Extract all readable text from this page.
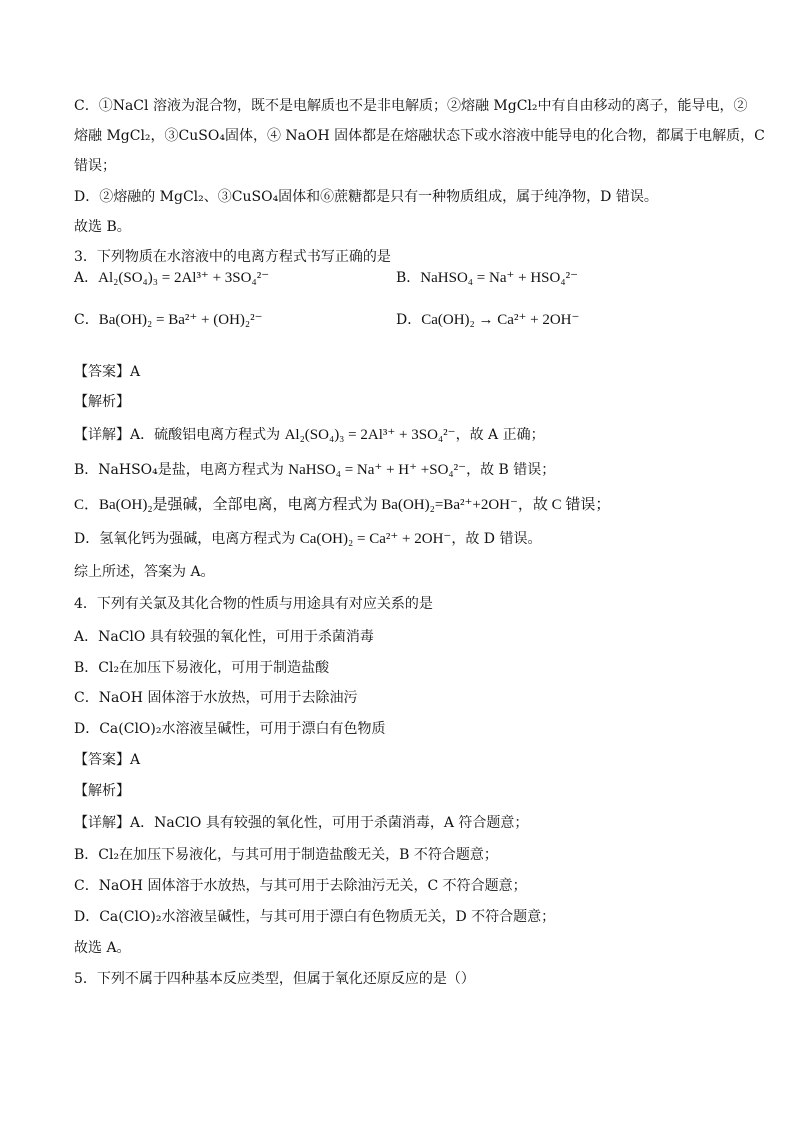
C．①NaCl 溶液为混合物，既不是电解质也不是非电解质；②熔融 MgCl₂中有自由移动的离子，能导电，②
熔融 MgCl₂，③CuSO₄固体，④ NaOH 固体都是在熔融状态下或水溶液中能导电的化合物，都属于电解质，C
错误；
D．②熔融的 MgCl₂、③CuSO₄固体和⑥蔗糖都是只有一种物质组成，属于纯净物，D 错误。
故选 B。
3．下列物质在水溶液中的电离方程式书写正确的是
A．Al₂(SO₄)₃ = 2Al³⁺ + 3SO₄²⁻
C．Ba(OH)₂ = Ba²⁺ + (OH)₂²⁻
【答案】A
【解析】
【详解】A．硫酸铝电离方程式为 Al₂(SO₄)₃ = 2Al³⁺ + 3SO₄²⁻，故 A 正确；
B．NaHSO₄是盐，电离方程式为 NaHSO₄ = Na⁺ + H⁺ +SO₄²⁻，故 B 错误；
C．Ba(OH)₂是强碱，全部电离，电离方程式为 Ba(OH)₂=Ba²⁺+2OH⁻，故 C 错误；
D．氢氧化钙为强碱，电离方程式为 Ca(OH)₂ = Ca²⁺ + 2OH⁻，故 D 错误。
综上所述，答案为 A。
4．下列有关氯及其化合物的性质与用途具有对应关系的是
A．NaClO 具有较强的氧化性，可用于杀菌消毒
B．Cl₂在加压下易液化，可用于制造盐酸
C．NaOH 固体溶于水放热，可用于去除油污
D．Ca(ClO)₂水溶液呈碱性，可用于漂白有色物质
【答案】A
【解析】
【详解】A．NaClO 具有较强的氧化性，可用于杀菌消毒，A 符合题意；
B．Cl₂在加压下易液化，与其可用于制造盐酸无关，B 不符合题意；
C．NaOH 固体溶于水放热，与其可用于去除油污无关，C 不符合题意；
D．Ca(ClO)₂水溶液呈碱性，与其可用于漂白有色物质无关，D 不符合题意；
故选 A。
5．下列不属于四种基本反应类型，但属于氧化还原反应的是（）
B．NaHSO₄ = Na⁺ + HSO₄²⁻
D．Ca(OH)₂ → Ca²⁺ + 2OH⁻
